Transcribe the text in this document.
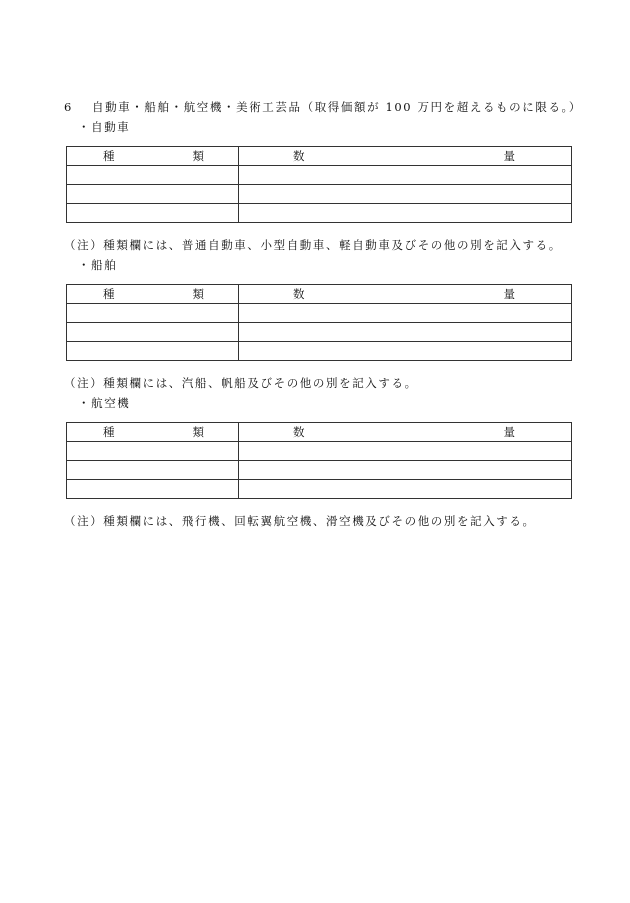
6 自動車・船舶・航空機・美術工芸品（取得価額が 100 万円を超えるものに限る。）
・自動車
種 類	数 量

（注）種類欄には、普通自動車、小型自動車、軽自動車及びその他の別を記入する。
・船舶
種 類	数 量

（注）種類欄には、汽船、帆船及びその他の別を記入する。
・航空機
種 類	数 量

（注）種類欄には、飛行機、回転翼航空機、滑空機及びその他の別を記入する。
